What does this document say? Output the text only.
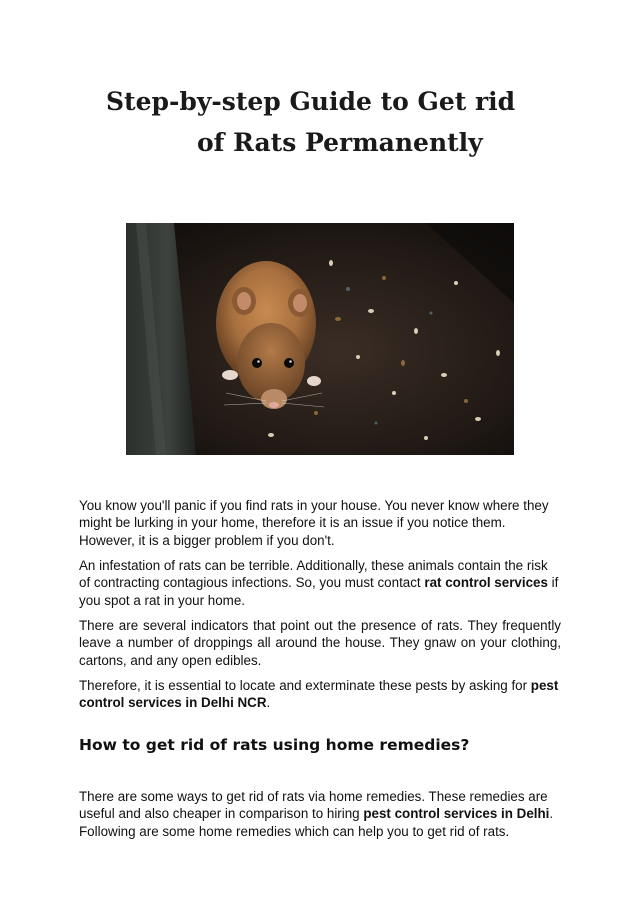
Step-by-step Guide to Get rid
of Rats Permanently

You know you'll panic if you find rats in your house. You never know where they might be lurking in your home, therefore it is an issue if you notice them. However, it is a bigger problem if you don't.

An infestation of rats can be terrible. Additionally, these animals contain the risk of contracting contagious infections. So, you must contact rat control services if you spot a rat in your home.

There are several indicators that point out the presence of rats. They frequently leave a number of droppings all around the house. They gnaw on your clothing, cartons, and any open edibles.

Therefore, it is essential to locate and exterminate these pests by asking for pest control services in Delhi NCR.

How to get rid of rats using home remedies?

There are some ways to get rid of rats via home remedies. These remedies are useful and also cheaper in comparison to hiring pest control services in Delhi. Following are some home remedies which can help you to get rid of rats.
